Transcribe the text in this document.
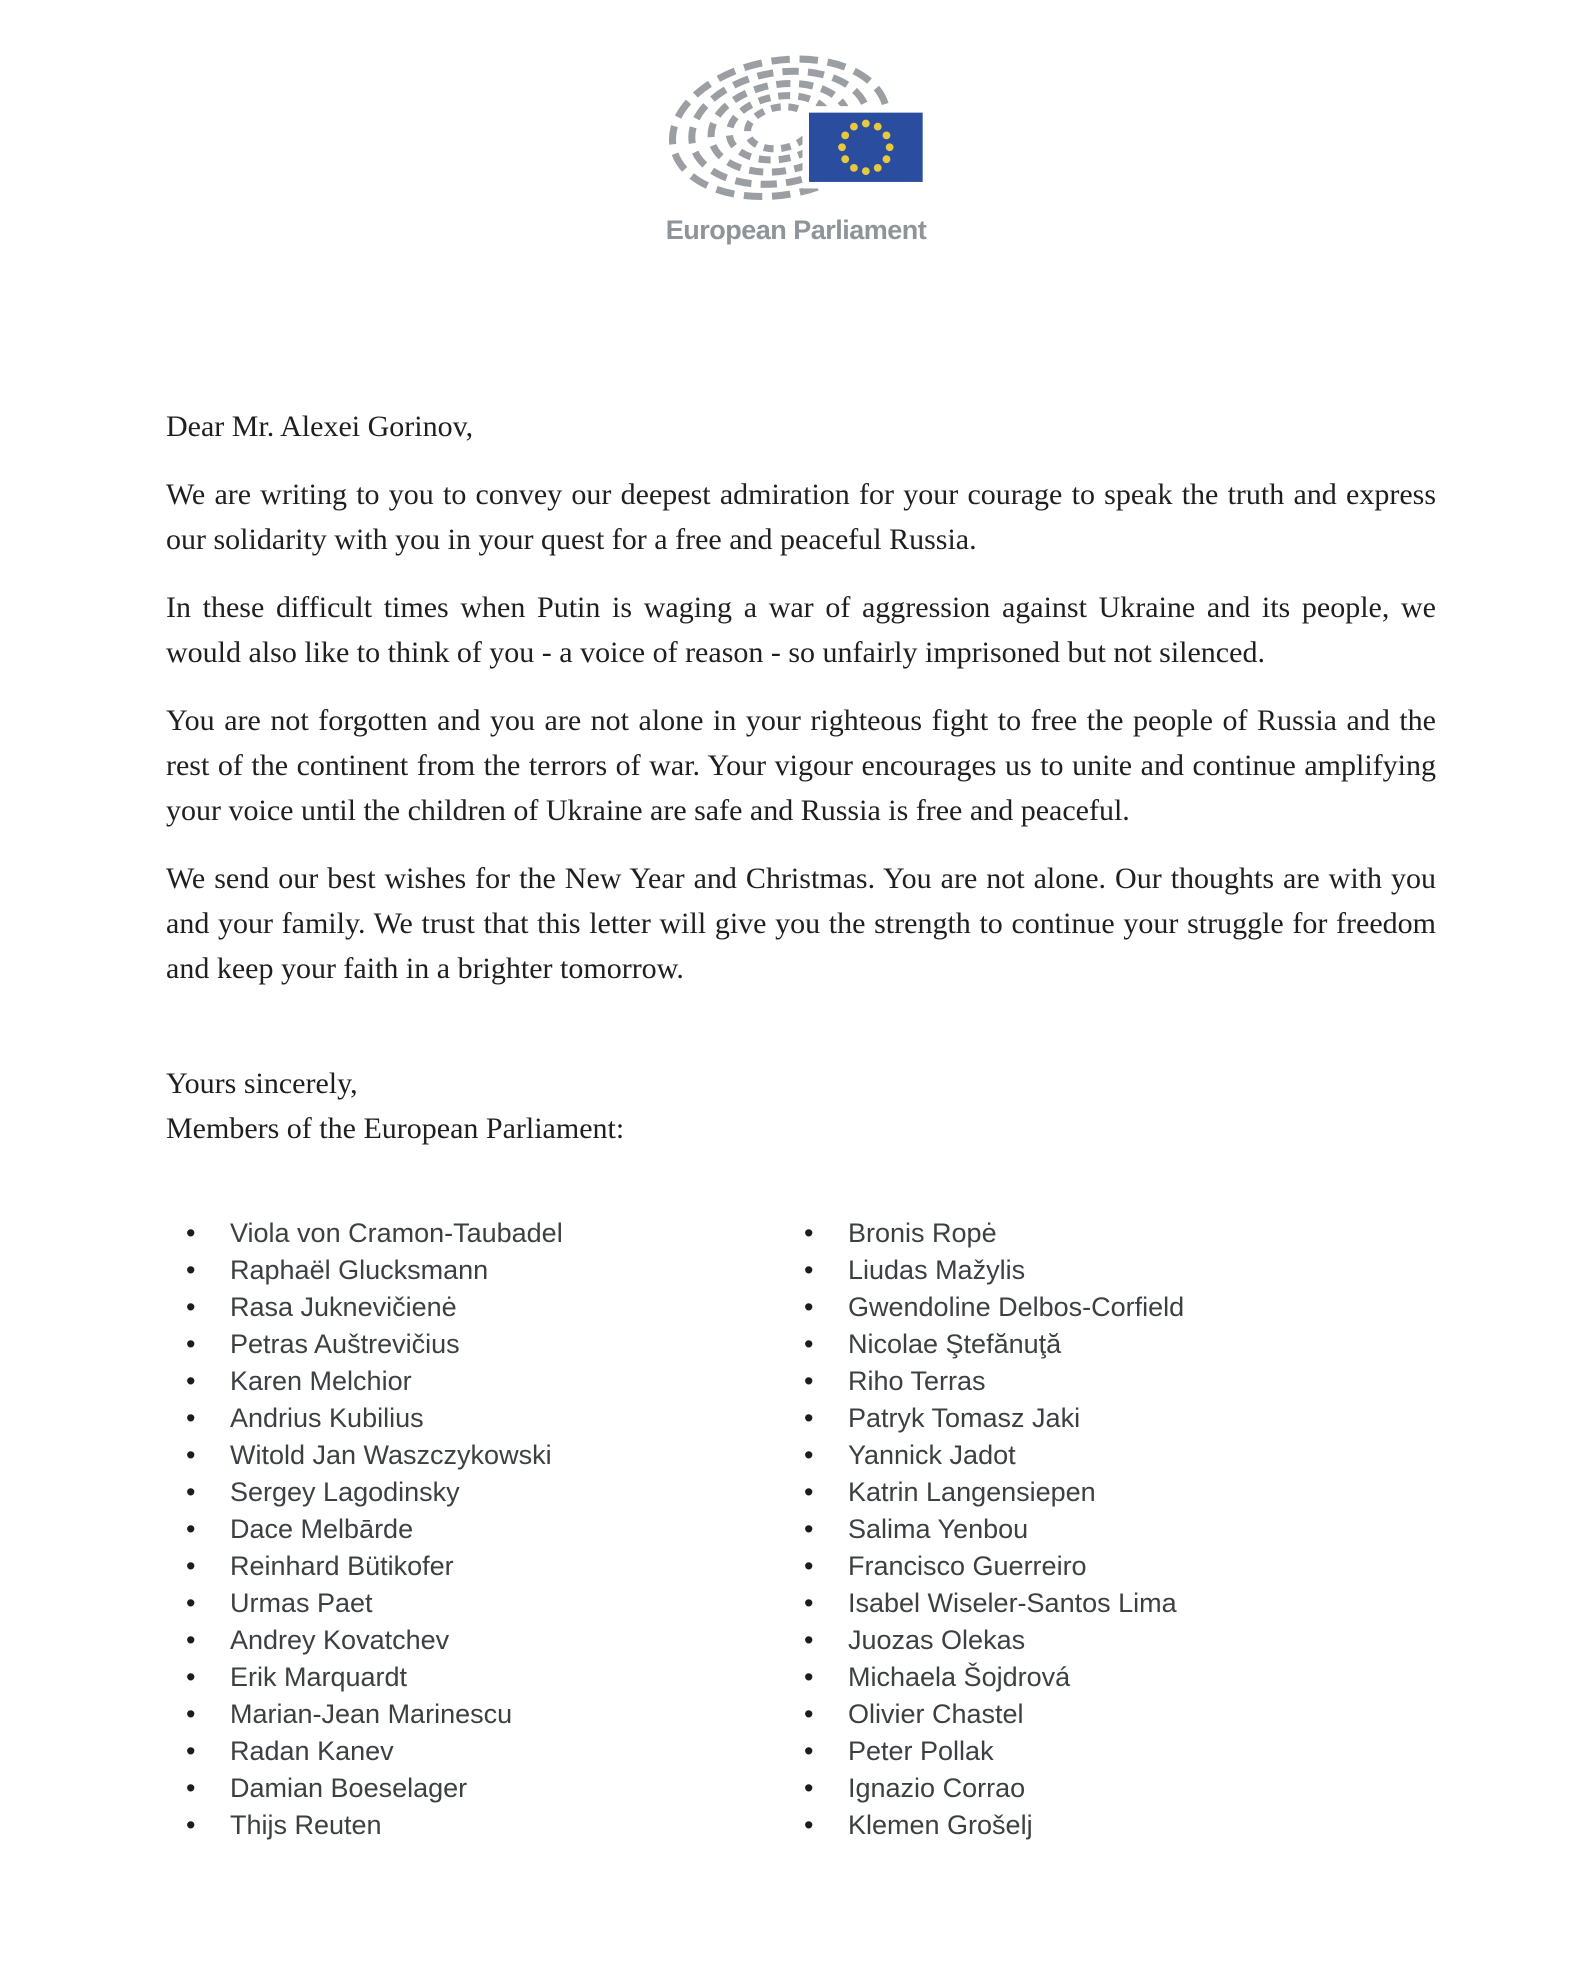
European Parliament

Dear Mr. Alexei Gorinov,

We are writing to you to convey our deepest admiration for your courage to speak the truth and express our solidarity with you in your quest for a free and peaceful Russia.

In these difficult times when Putin is waging a war of aggression against Ukraine and its people, we would also like to think of you - a voice of reason - so unfairly imprisoned but not silenced.

You are not forgotten and you are not alone in your righteous fight to free the people of Russia and the rest of the continent from the terrors of war. Your vigour encourages us to unite and continue amplifying your voice until the children of Ukraine are safe and Russia is free and peaceful.

We send our best wishes for the New Year and Christmas. You are not alone. Our thoughts are with you and your family. We trust that this letter will give you the strength to continue your struggle for freedom and keep your faith in a brighter tomorrow.

Yours sincerely,

Members of the European Parliament:

•	Viola von Cramon-Taubadel
•	Raphaël Glucksmann
•	Rasa Juknevičienė
•	Petras Auštrevičius
•	Karen Melchior
•	Andrius Kubilius
•	Witold Jan Waszczykowski
•	Sergey Lagodinsky
•	Dace Melbārde
•	Reinhard Bütikofer
•	Urmas Paet
•	Andrey Kovatchev
•	Erik Marquardt
•	Marian-Jean Marinescu
•	Radan Kanev
•	Damian Boeselager
•	Thijs Reuten
•	Bronis Ropė
•	Liudas Mažylis
•	Gwendoline Delbos-Corfield
•	Nicolae Ştefănuţă
•	Riho Terras
•	Patryk Tomasz Jaki
•	Yannick Jadot
•	Katrin Langensiepen
•	Salima Yenbou
•	Francisco Guerreiro
•	Isabel Wiseler-Santos Lima
•	Juozas Olekas
•	Michaela Šojdrová
•	Olivier Chastel
•	Peter Pollak
•	Ignazio Corrao
•	Klemen Grošelj
